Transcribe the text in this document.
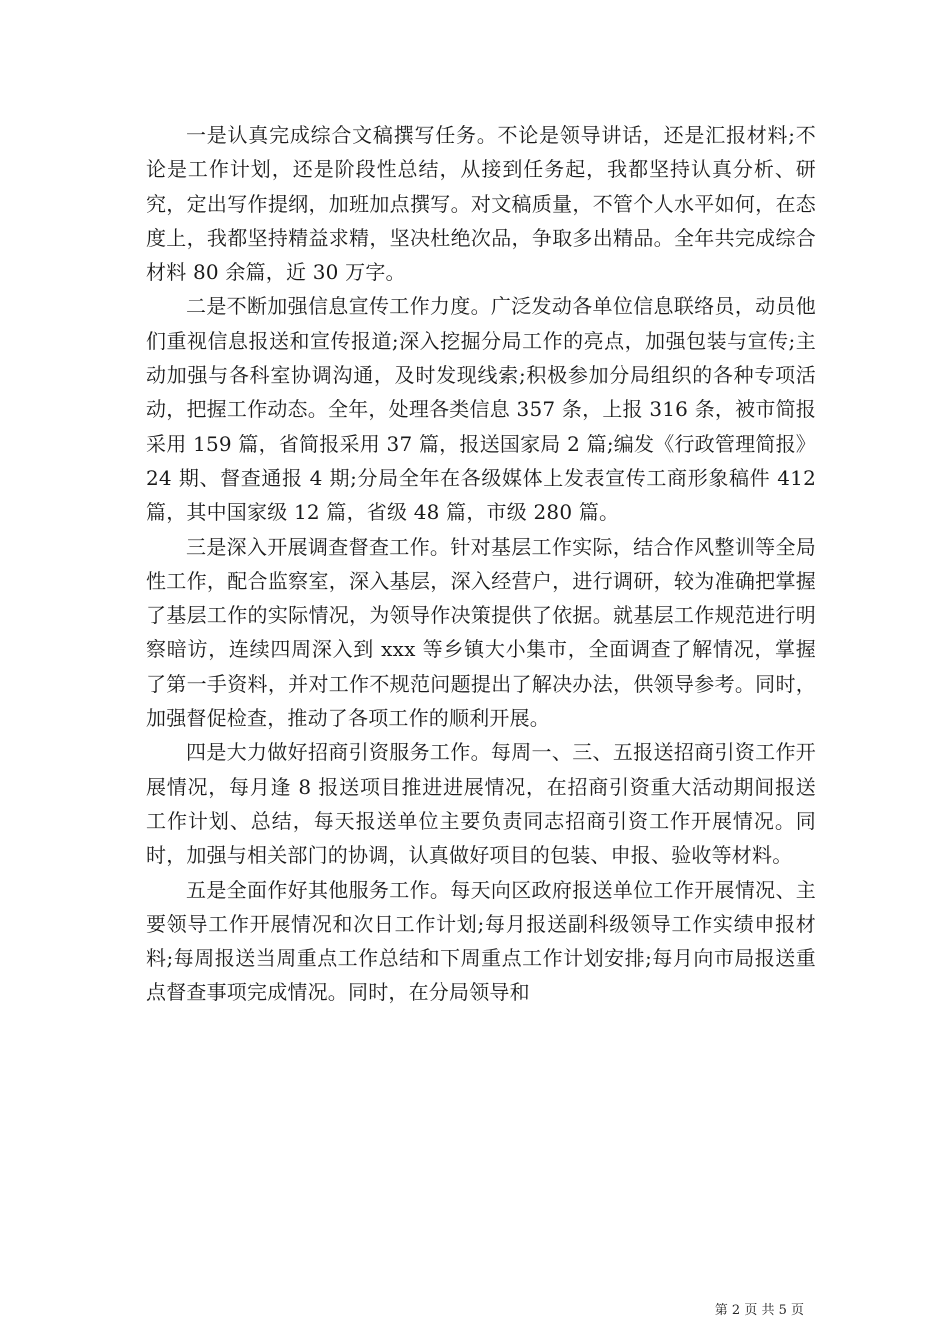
一是认真完成综合文稿撰写任务。不论是领导讲话，还是汇报材料;不论是工作计划，还是阶段性总结，从接到任务起，我都坚持认真分析、研究，定出写作提纲，加班加点撰写。对文稿质量，不管个人水平如何，在态度上，我都坚持精益求精，坚决杜绝次品，争取多出精品。全年共完成综合材料 80 余篇，近 30 万字。

二是不断加强信息宣传工作力度。广泛发动各单位信息联络员，动员他们重视信息报送和宣传报道;深入挖掘分局工作的亮点，加强包装与宣传;主动加强与各科室协调沟通，及时发现线索;积极参加分局组织的各种专项活动，把握工作动态。全年，处理各类信息 357 条，上报 316 条，被市简报采用 159 篇，省简报采用 37 篇，报送国家局 2 篇;编发《行政管理简报》24 期、督查通报 4 期;分局全年在各级媒体上发表宣传工商形象稿件 412 篇，其中国家级 12 篇，省级 48 篇，市级 280 篇。

三是深入开展调查督查工作。针对基层工作实际，结合作风整训等全局性工作，配合监察室，深入基层，深入经营户，进行调研，较为准确把掌握了基层工作的实际情况，为领导作决策提供了依据。就基层工作规范进行明察暗访，连续四周深入到 xxx 等乡镇大小集市，全面调查了解情况，掌握了第一手资料，并对工作不规范问题提出了解决办法，供领导参考。同时，加强督促检查，推动了各项工作的顺利开展。

四是大力做好招商引资服务工作。每周一、三、五报送招商引资工作开展情况，每月逢 8 报送项目推进进展情况，在招商引资重大活动期间报送工作计划、总结，每天报送单位主要负责同志招商引资工作开展情况。同时，加强与相关部门的协调，认真做好项目的包装、申报、验收等材料。

五是全面作好其他服务工作。每天向区政府报送单位工作开展情况、主要领导工作开展情况和次日工作计划;每月报送副科级领导工作实绩申报材料;每周报送当周重点工作总结和下周重点工作计划安排;每月向市局报送重点督查事项完成情况。同时，在分局领导和

第 2 页 共 5 页
